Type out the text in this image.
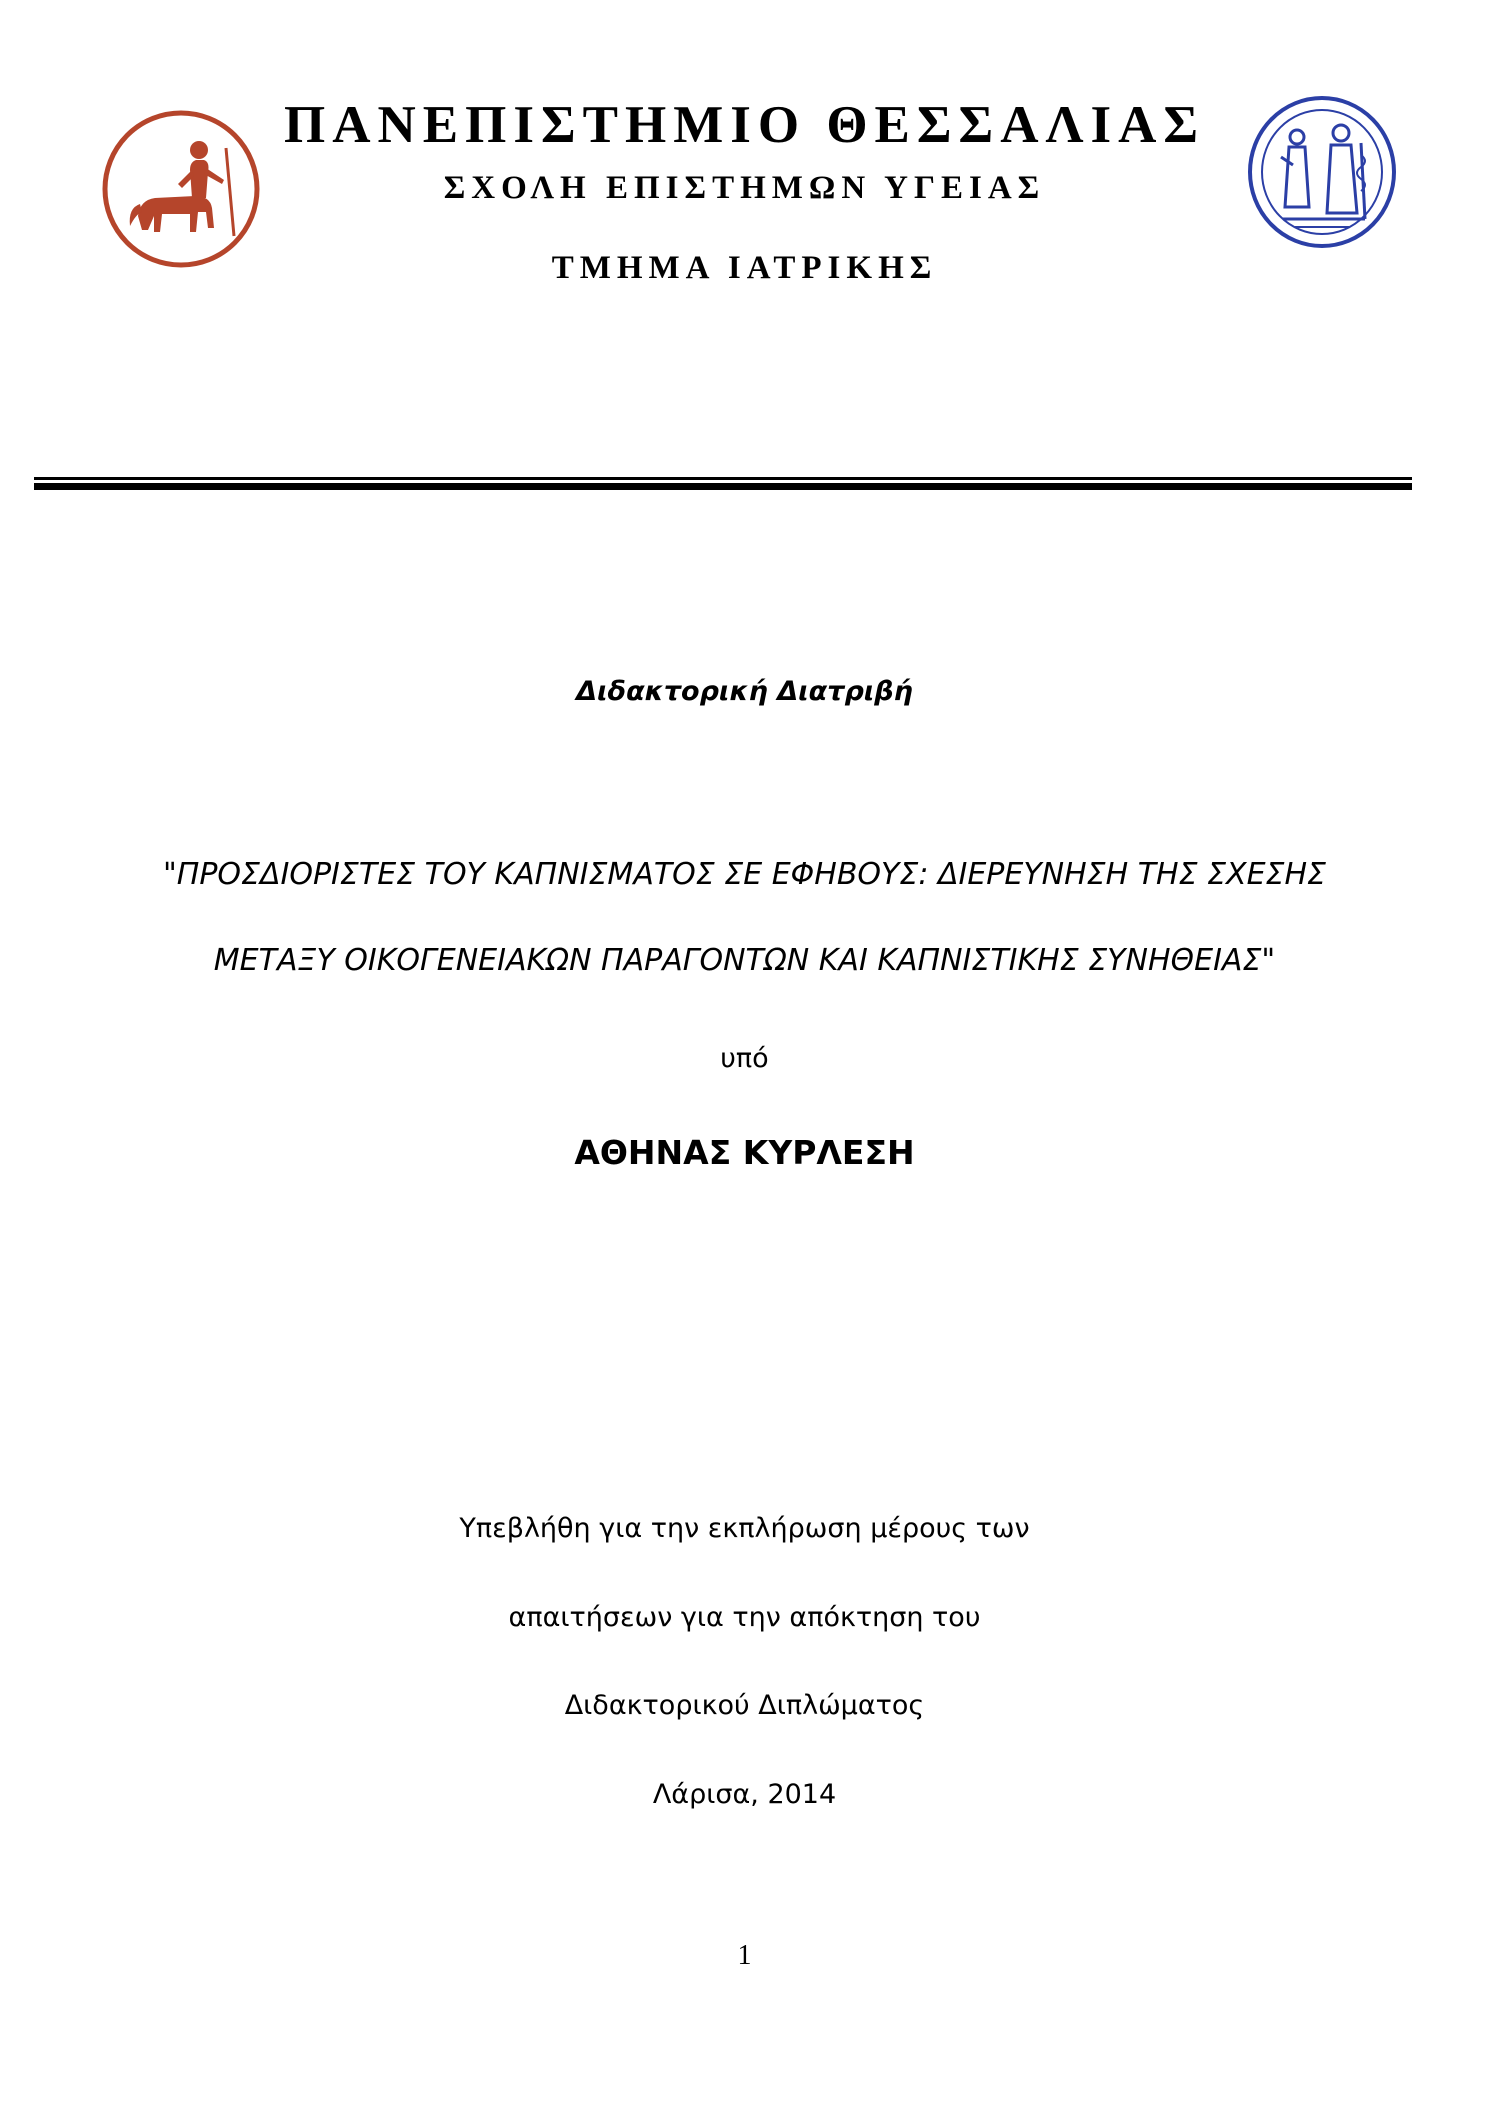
ΠΑΝΕΠΙΣΤΗΜΙΟ ΘΕΣΣΑΛΙΑΣ
ΣΧΟΛΗ ΕΠΙΣΤΗΜΩΝ ΥΓΕΙΑΣ
ΤΜΗΜΑ ΙΑΤΡΙΚΗΣ
Διδακτορική Διατριβή
"ΠΡΟΣΔΙΟΡΙΣΤΕΣ ΤΟΥ ΚΑΠΝΙΣΜΑΤΟΣ ΣΕ ΕΦΗΒΟΥΣ: ΔΙΕΡΕΥΝΗΣΗ ΤΗΣ ΣΧΕΣΗΣ
ΜΕΤΑΞΥ ΟΙΚΟΓΕΝΕΙΑΚΩΝ ΠΑΡΑΓΟΝΤΩΝ ΚΑΙ ΚΑΠΝΙΣΤΙΚΗΣ ΣΥΝΗΘΕΙΑΣ"
υπό
ΑΘΗΝΑΣ ΚΥΡΛΕΣΗ
Υπεβλήθη για την εκπλήρωση μέρους των
απαιτήσεων για την απόκτηση του
Διδακτορικού Διπλώματος
Λάρισα, 2014
1
